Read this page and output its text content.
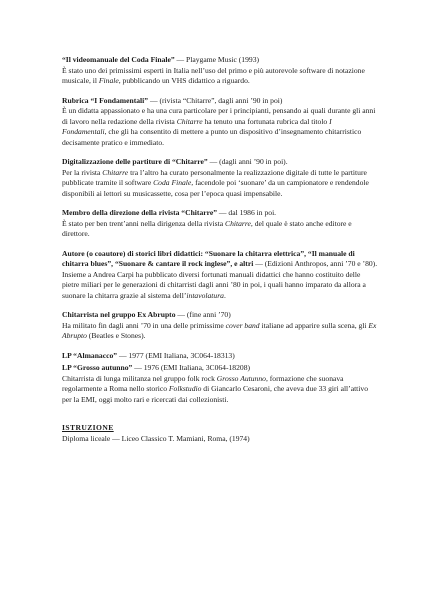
“Il videomanuale del Coda Finale” — Playgame Music (1993)
È stato uno dei primissimi esperti in Italia nell’uso del primo e più autorevole software di notazione musicale, il Finale, pubblicando un VHS didattico a riguardo.
Rubrica “I Fondamentali” — (rivista “Chitarre”, dagli anni ’90 in poi)
È un didatta appassionato e ha una cura particolare per i principianti, pensando ai quali durante gli anni di lavoro nella redazione della rivista Chitarre ha tenuto una fortunata rubrica dal titolo I Fondamentali, che gli ha consentito di mettere a punto un dispositivo d’insegnamento chitarristico decisamente pratico e immediato.
Digitalizzazione delle partiture di “Chitarre” — (dagli anni ’90 in poi).
Per la rivista Chitarre tra l’altro ha curato personalmente la realizzazione digitale di tutte le partiture pubblicate tramite il software Coda Finale, facendole poi ‘suonare’ da un campionatore e rendendole disponibili ai lettori su musicassette, cosa per l’epoca quasi impensabile.
Membro della direzione della rivista “Chitarre” — dal 1986 in poi.
È stato per ben trent’anni nella dirigenza della rivista Chitarre, del quale è stato anche editore e direttore.
Autore (o coautore) di storici libri didattici: “Suonare la chitarra elettrica”, “Il manuale di chitarra blues”, “Suonare & cantare il rock inglese”, e altri — (Edizioni Anthropos, anni ’70 e ’80).
Insieme a Andrea Carpi ha pubblicato diversi fortunati manuali didattici che hanno costituito delle pietre miliari per le generazioni di chitarristi dagli anni ’80 in poi, i quali hanno imparato da allora a suonare la chitarra grazie al sistema dell’intavolatura.
Chitarrista nel gruppo Ex Abrupto — (fine anni ’70)
Ha militato fin dagli anni ’70 in una delle primissime cover band italiane ad apparire sulla scena, gli Ex Abrupto (Beatles e Stones).
LP “Almanacco” — 1977 (EMI Italiana, 3C064-18313)
LP “Grosso autunno” — 1976 (EMI Italiana, 3C064-18208)
Chitarrista di lunga militanza nel gruppo folk rock Grosso Autunno, formazione che suonava regolarmente a Roma nello storico Folkstudio di Giancarlo Cesaroni, che aveva due 33 giri all’attivo per la EMI, oggi molto rari e ricercati dai collezionisti.
ISTRUZIONE
Diploma liceale — Liceo Classico T. Mamiani, Roma, (1974)
